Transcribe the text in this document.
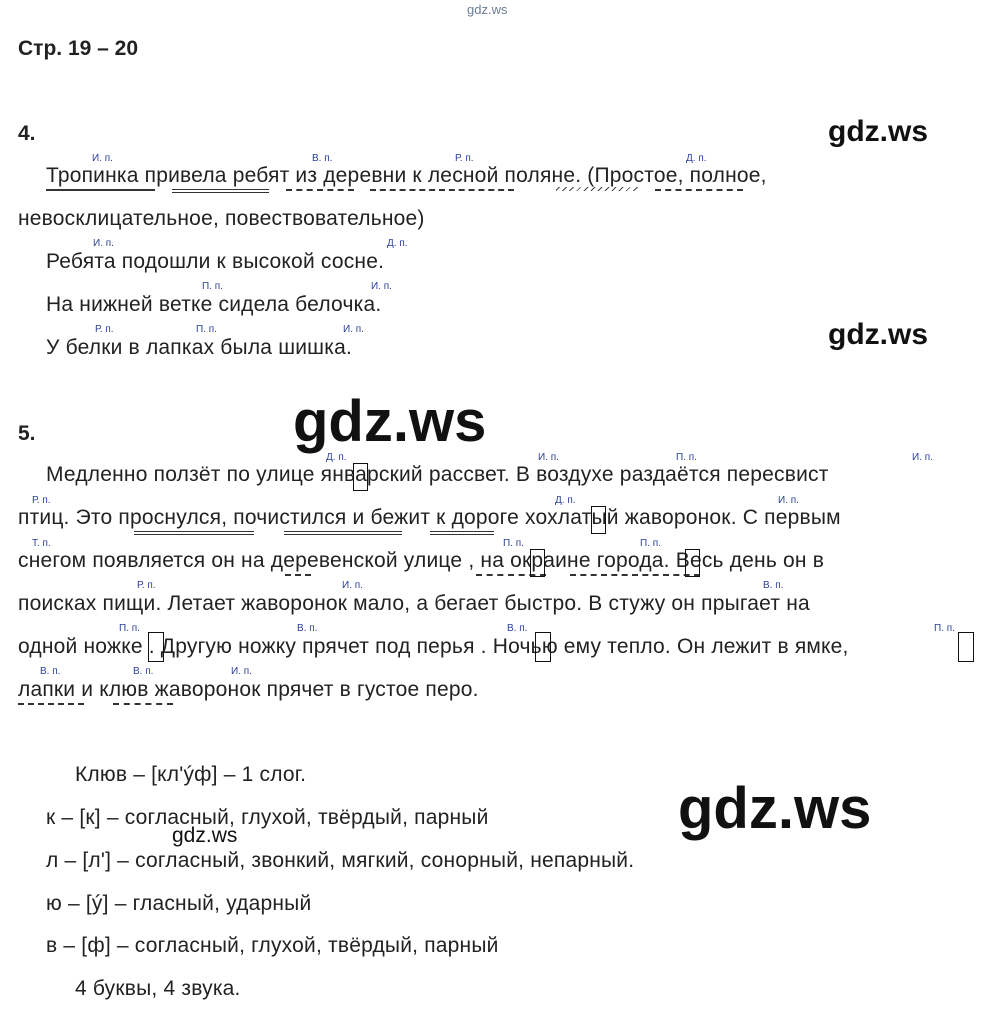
gdz.ws
Стр. 19 – 20
4.	gdz.ws
И. п.	В. п.	Р. п.	Д. п.
И. п.	Д. п.
П. п.	И. п.
Р. п.	П. п.	И. п.
Тропинка привела ребят из деревни к лесной поляне. (Простое, полное,
невосклицательное, повествовательное)
Ребята подошли к высокой сосне.
На нижней ветке сидела белочка.
У белки в лапках была шишка.	gdz.ws
gdz.ws
5.
Д. п.	И. п.	П. п.	И. п.
Р. п.	Д. п.	И. п.
Т. п.	П. п.	П. п.
Р. п.	И. п.	В. п.
П. п.	В. п.	В. п.	П. п.
В. п.	В. п.	И. п.
Медленно ползёт по улице январский рассвет. В воздухе раздаётся пересвист
птиц. Это проснулся, почистился и бежит к дороге хохлатый жаворонок. С первым
снегом появляется он на деревенской улице , на окраине города. Весь день он в
поисках пищи. Летает жаворонок мало, а бегает быстро. В стужу он прыгает на
одной ножке . Другую ножку прячет под перья . Ночью ему тепло. Он лежит в ямке,
лапки и клюв жаворонок прячет в густое перо.
gdz.ws
Клюв – [кл'ýф] – 1 слог.
к – [к] – согласный, глухой, твёрдый, парный
gdz.ws
л – [л'] – согласный, звонкий, мягкий, сонорный, непарный.
ю – [ý] – гласный, ударный
в – [ф] – согласный, глухой, твёрдый, парный
4 буквы, 4 звука.
